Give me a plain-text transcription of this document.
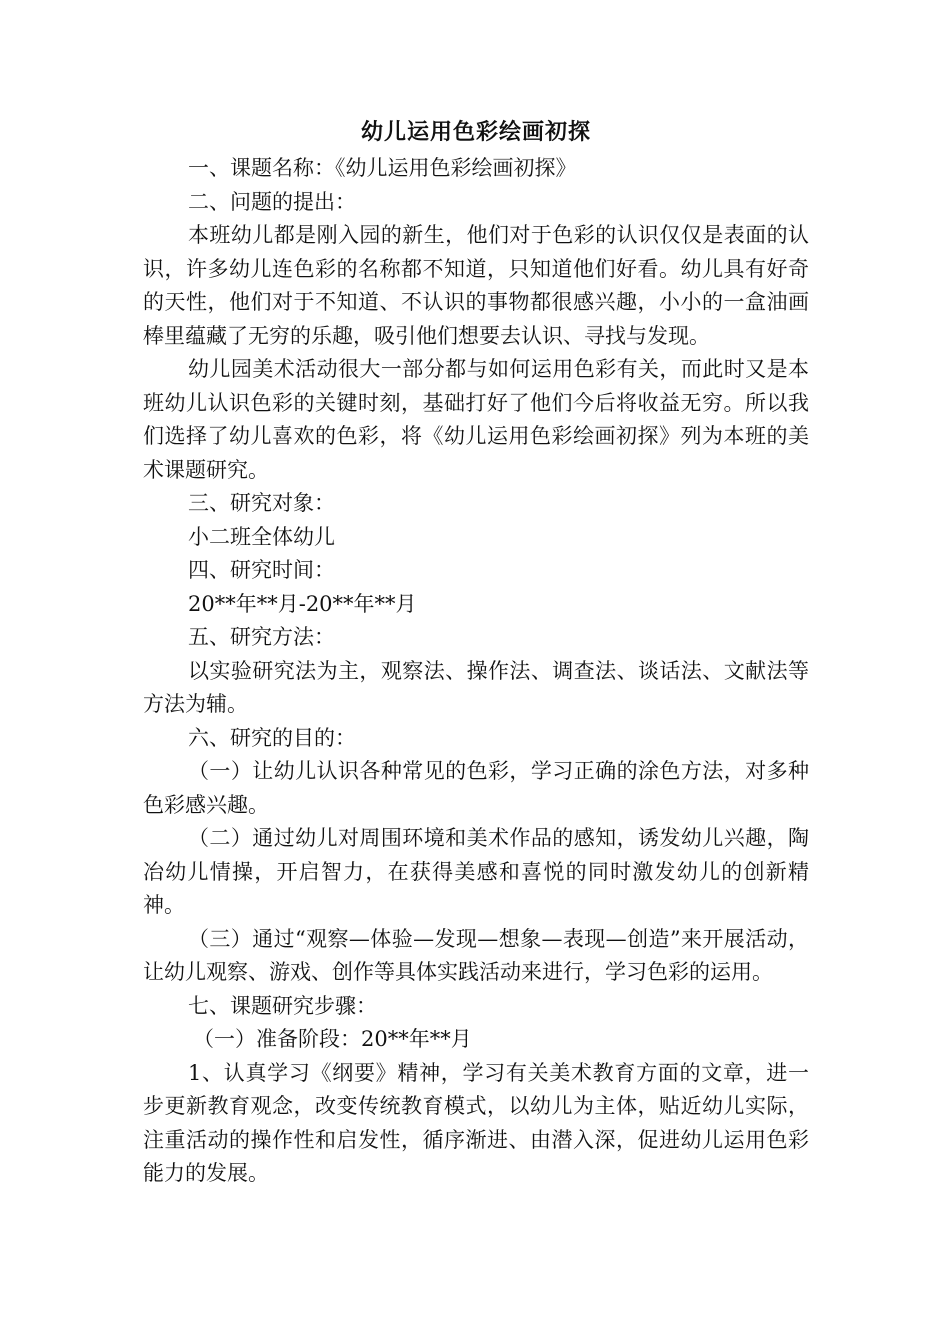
幼儿运用色彩绘画初探

一、课题名称：《幼儿运用色彩绘画初探》

二、问题的提出：

本班幼儿都是刚入园的新生，他们对于色彩的认识仅仅是表面的认识，许多幼儿连色彩的名称都不知道，只知道他们好看。幼儿具有好奇的天性，他们对于不知道、不认识的事物都很感兴趣，小小的一盒油画棒里蕴藏了无穷的乐趣，吸引他们想要去认识、寻找与发现。

幼儿园美术活动很大一部分都与如何运用色彩有关，而此时又是本班幼儿认识色彩的关键时刻，基础打好了他们今后将收益无穷。所以我们选择了幼儿喜欢的色彩，将《幼儿运用色彩绘画初探》列为本班的美术课题研究。

三、研究对象：

小二班全体幼儿

四、研究时间：

20**年**月-20**年**月

五、研究方法：

以实验研究法为主，观察法、操作法、调查法、谈话法、文献法等方法为辅。

六、研究的目的：

（一）让幼儿认识各种常见的色彩，学习正确的涂色方法，对多种色彩感兴趣。

（二）通过幼儿对周围环境和美术作品的感知，诱发幼儿兴趣，陶冶幼儿情操，开启智力，在获得美感和喜悦的同时激发幼儿的创新精神。

（三）通过“观察—体验—发现—想象—表现—创造”来开展活动，让幼儿观察、游戏、创作等具体实践活动来进行，学习色彩的运用。

七、课题研究步骤：

（一）准备阶段：20**年**月

1、认真学习《纲要》精神，学习有关美术教育方面的文章，进一步更新教育观念，改变传统教育模式，以幼儿为主体，贴近幼儿实际，注重活动的操作性和启发性，循序渐进、由潜入深，促进幼儿运用色彩能力的发展。
